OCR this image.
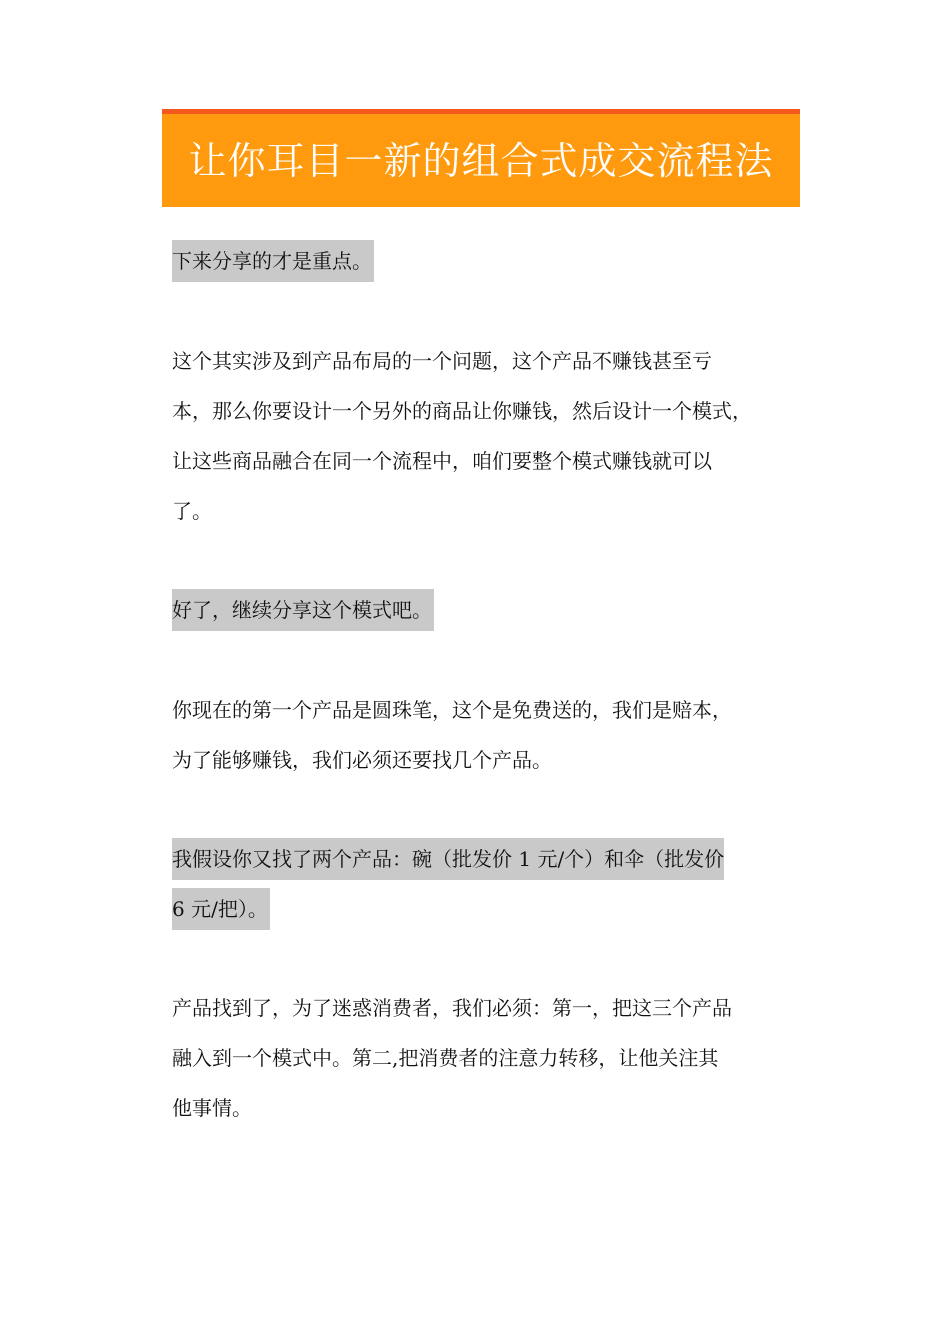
让你耳目一新的组合式成交流程法
下来分享的才是重点。
这个其实涉及到产品布局的一个问题，这个产品不赚钱甚至亏
本，那么你要设计一个另外的商品让你赚钱，然后设计一个模式，
让这些商品融合在同一个流程中，咱们要整个模式赚钱就可以
了。
好了，继续分享这个模式吧。
你现在的第一个产品是圆珠笔，这个是免费送的，我们是赔本，
为了能够赚钱，我们必须还要找几个产品。
我假设你又找了两个产品：碗（批发价 1 元/个）和伞（批发价
6 元/把）。
产品找到了，为了迷惑消费者，我们必须：第一，把这三个产品
融入到一个模式中。第二,把消费者的注意力转移，让他关注其
他事情。
